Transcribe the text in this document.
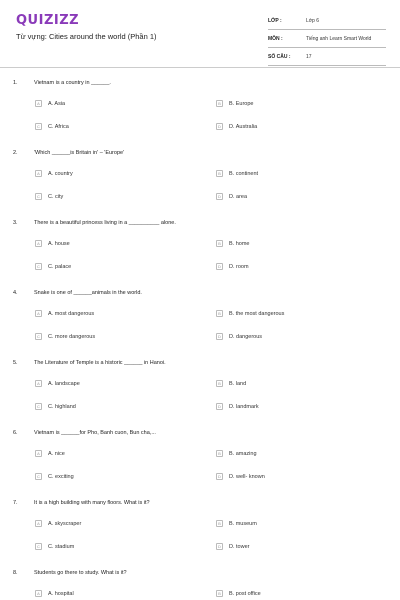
QUIZIZZ
Từ vựng: Cities around the world (Phần 1)
LỚP :	Lớp 6
MÔN :	Tiếng anh Learn Smart World
SỐ CÂU :	17
1.	Vietnam is a country in ______.
A	A. Asia	B	B. Europe
C	C. Africa	D	D. Australia
2.	'Which ______is Britain in' – 'Europe'
A	A. country	B	B. continent
C	C. city	D	D. area
3.	There is a beautiful princess living in a __________ alone.
A	A. house	B	B. home
C	C. palace	D	D. room
4.	Snake is one of ______animals in the world.
A	A. most dangerous	B	B. the most dangerous
C	C. more dangerous	D	D. dangerous
5.	The Literature of Temple is a historic ______ in Hanoi.
A	A. landscape	B	B. land
C	C. highland	D	D. landmark
6.	Vietnam is ______for Pho, Banh cuon, Bun cha,...
A	A. nice	B	B. amazing
C	C. exciting	D	D. well- known
7.	It is a high building with many floors. What is it?
A	A. skyscraper	B	B. museum
C	C. stadium	D	D. tower
8.	Students go there to study. What is it?
A	A. hospital	B	B. post office
